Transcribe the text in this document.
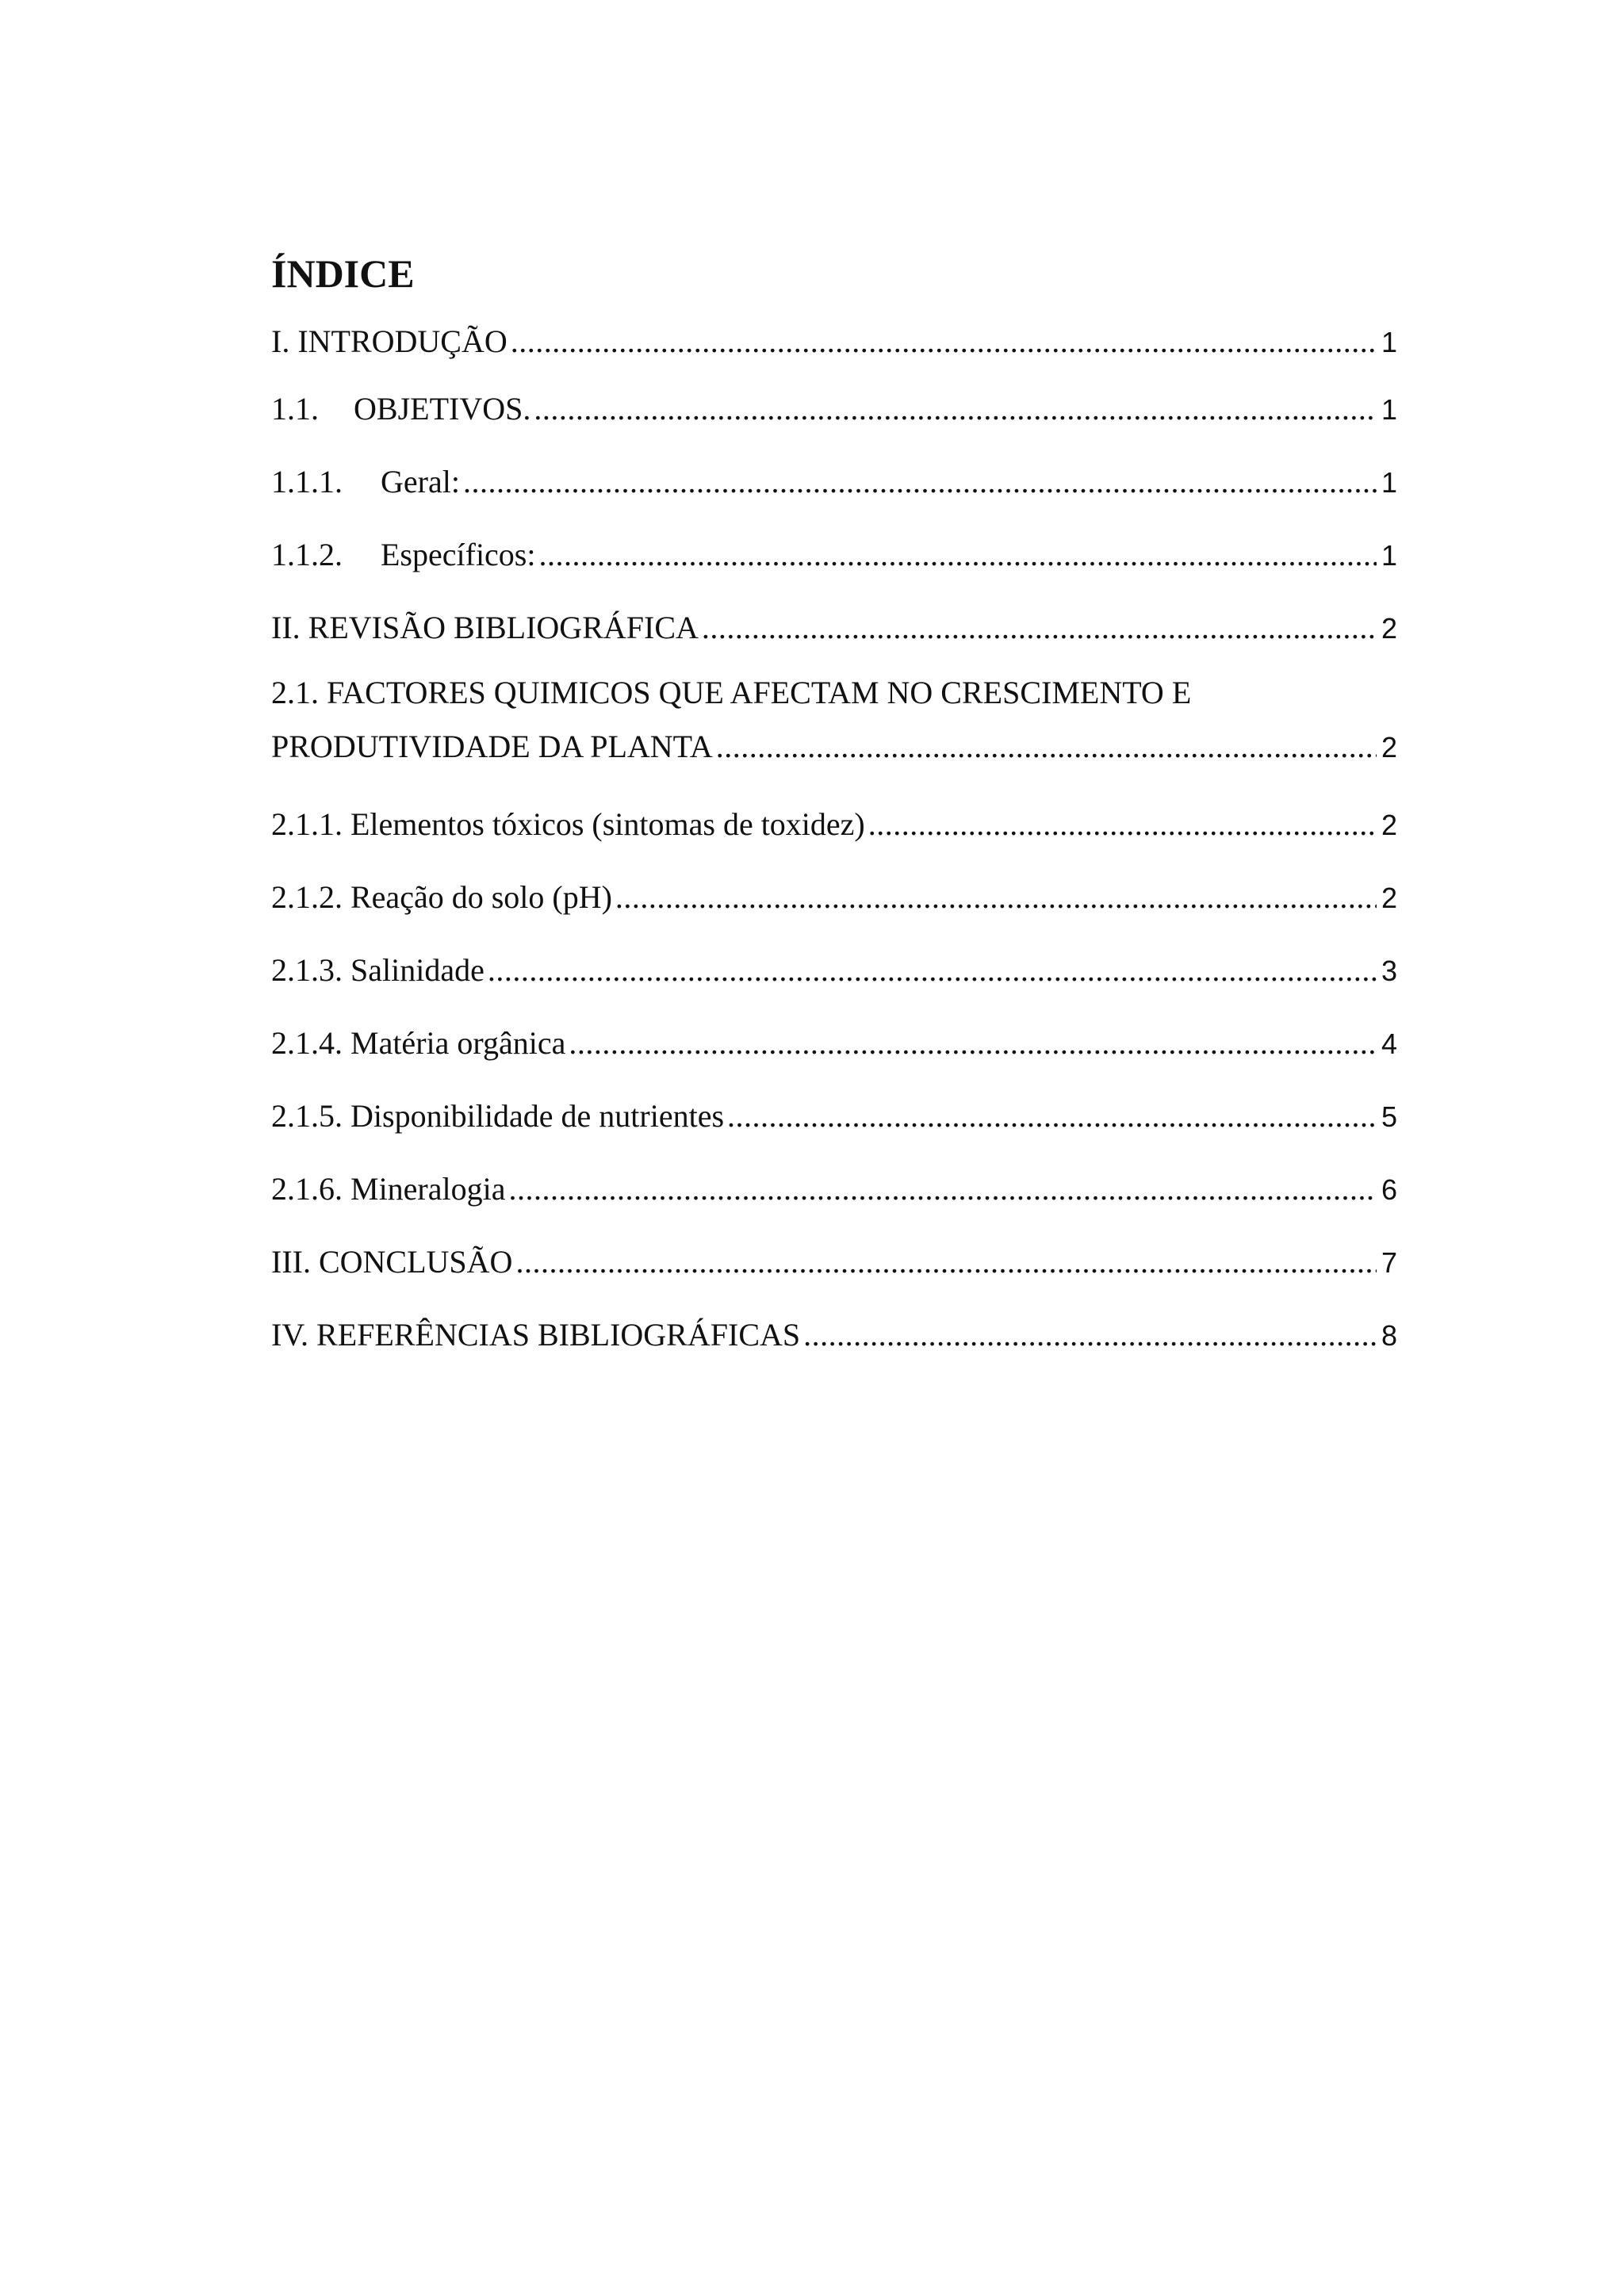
ÍNDICE
I. INTRODUÇÃO .....	1
1.1.	OBJETIVOS. .....	1
1.1.1.	Geral: .....	1
1.1.2.	Específicos: .....	1
II. REVISÃO BIBLIOGRÁFICA .....	2
2.1. FACTORES QUIMICOS QUE AFECTAM NO CRESCIMENTO E
PRODUTIVIDADE DA PLANTA .....	2
2.1.1. Elementos tóxicos (sintomas de toxidez) .....	2
2.1.2. Reação do solo (pH) .....	2
2.1.3. Salinidade .....	3
2.1.4. Matéria orgânica .....	4
2.1.5. Disponibilidade de nutrientes .....	5
2.1.6. Mineralogia .....	6
III. CONCLUSÃO .....	7
IV. REFERÊNCIAS BIBLIOGRÁFICAS .....	8
